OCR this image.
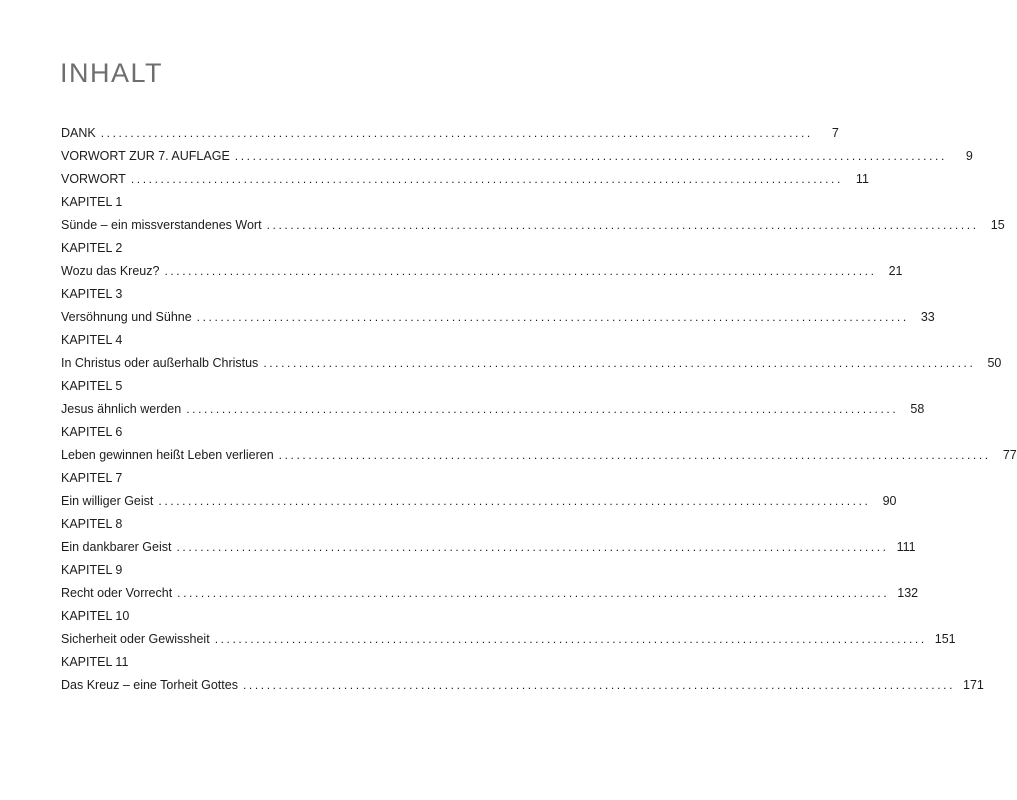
INHALT
DANK ........................................................................................................................	7
VORWORT ZUR 7. AUFLAGE ........................................................................................................................	9
VORWORT ........................................................................................................................	11
KAPITEL 1
Sünde – ein missverstandenes Wort ........................................................................................................................ 15
KAPITEL 2
Wozu das Kreuz? ........................................................................................................................ 21
KAPITEL 3
Versöhnung und Sühne ........................................................................................................................ 33
KAPITEL 4
In Christus oder außerhalb Christus ........................................................................................................................ 50
KAPITEL 5
Jesus ähnlich werden ........................................................................................................................ 58
KAPITEL 6
Leben gewinnen heißt Leben verlieren ........................................................................................................................ 77
KAPITEL 7
Ein williger Geist ........................................................................................................................ 90
KAPITEL 8
Ein dankbarer Geist ........................................................................................................................ 111
KAPITEL 9
Recht oder Vorrecht ........................................................................................................................ 132
KAPITEL 10
Sicherheit oder Gewissheit ........................................................................................................................ 151
KAPITEL 11
Das Kreuz – eine Torheit Gottes ........................................................................................................................ 171
